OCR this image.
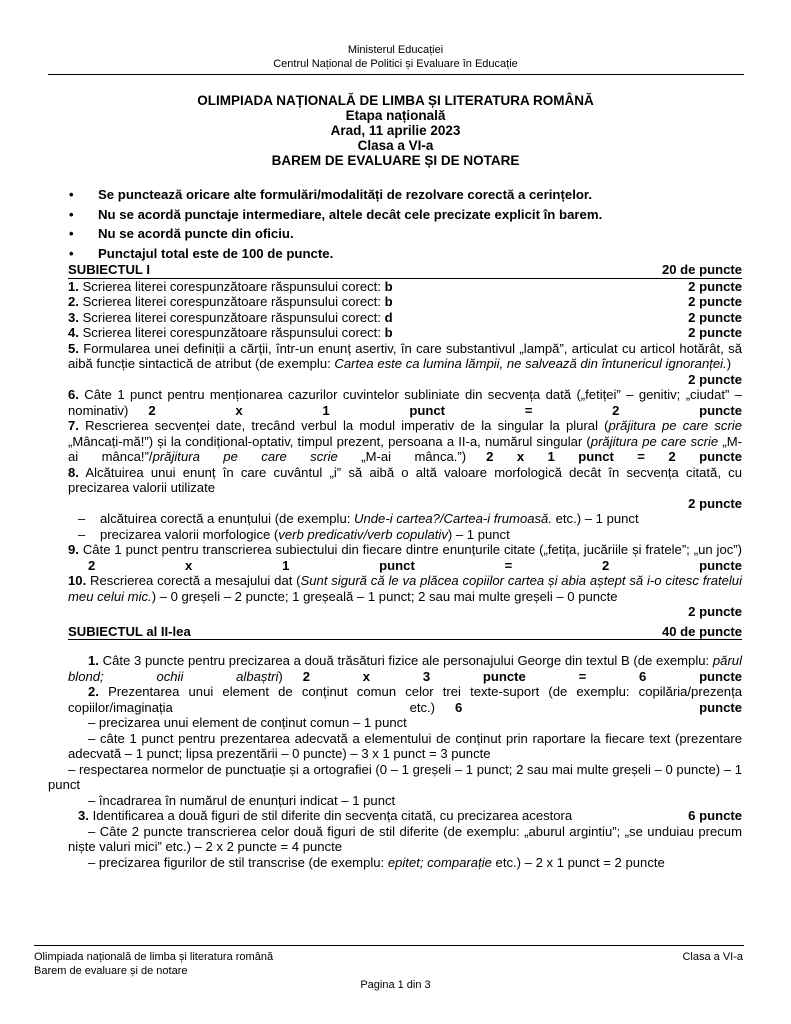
Ministerul Educației
Centrul Național de Politici și Evaluare în Educație
OLIMPIADA NAȚIONALĂ DE LIMBA ȘI LITERATURA ROMÂNĂ
Etapa națională
Arad, 11 aprilie 2023
Clasa a VI-a
BAREM DE EVALUARE ȘI DE NOTARE
• Se punctează oricare alte formulări/modalități de rezolvare corectă a cerințelor.
• Nu se acordă punctaje intermediare, altele decât cele precizate explicit în barem.
• Nu se acordă puncte din oficiu.
• Punctajul total este de 100 de puncte.
SUBIECTUL I	20 de puncte
1. Scrierea literei corespunzătoare răspunsului corect: b	2 puncte
2. Scrierea literei corespunzătoare răspunsului corect: b	2 puncte
3. Scrierea literei corespunzătoare răspunsului corect: d	2 puncte
4. Scrierea literei corespunzătoare răspunsului corect: b	2 puncte
5. Formularea unei definiții a cărții, într-un enunț asertiv, în care substantivul „lampă”, articulat cu articol hotărât, să aibă funcție sintactică de atribut (de exemplu: Cartea este ca lumina lămpii, ne salvează din întunericul ignoranței.)
2 puncte
6. Câte 1 punct pentru menționarea cazurilor cuvintelor subliniate din secvența dată („fetiței” – genitiv; „ciudat” – nominativ) 2 x 1 punct = 2 puncte
7. Rescrierea secvenței date, trecând verbul la modul imperativ de la singular la plural (prăjitura pe care scrie „Mâncați-mă!”) și la condițional-optativ, timpul prezent, persoana a II-a, numărul singular (prăjitura pe care scrie „M-ai mânca!”/prăjitura pe care scrie „M-ai mânca.”) 2 x 1 punct = 2 puncte
8. Alcătuirea unui enunț în care cuvântul „i” să aibă o altă valoare morfologică decât în secvența citată, cu precizarea valorii utilizate
2 puncte
–	alcătuirea corectă a enunțului (de exemplu: Unde-i cartea?/Cartea-i frumoasă. etc.) – 1 punct
–	precizarea valorii morfologice (verb predicativ/verb copulativ) – 1 punct
9. Câte 1 punct pentru transcrierea subiectului din fiecare dintre enunțurile citate („fetița, jucăriile și fratele”; „un joc”)2 x 1 punct = 2 puncte
10. Rescrierea corectă a mesajului dat (Sunt sigură că le va plăcea copiilor cartea și abia aștept să i-o citesc fratelui meu celui mic.) – 0 greșeli – 2 puncte; 1 greșeală – 1 punct; 2 sau mai multe greșeli – 0 puncte
2 puncte
SUBIECTUL al II-lea	40 de puncte
1. Câte 3 puncte pentru precizarea a două trăsături fizice ale personajului George din textul B (de exemplu: părul blond; ochii albaștri) 2 x 3 puncte = 6 puncte
2. Prezentarea unui element de conținut comun celor trei texte-suport (de exemplu: copilăria/prezența copiilor/imaginația etc.) 6 puncte
– precizarea unui element de conținut comun – 1 punct
– câte 1 punct pentru prezentarea adecvată a elementului de conținut prin raportare la fiecare text (prezentare adecvată – 1 punct; lipsa prezentării – 0 puncte) – 3 x 1 punct = 3 puncte
– respectarea normelor de punctuație și a ortografiei (0 – 1 greșeli – 1 punct; 2 sau mai multe greșeli – 0 puncte) – 1 punct
– încadrarea în numărul de enunțuri indicat – 1 punct
3. Identificarea a două figuri de stil diferite din secvența citată, cu precizarea acestora	6 puncte
– Câte 2 puncte transcrierea celor două figuri de stil diferite (de exemplu: „aburul argintiu”; „se unduiau precum niște valuri mici” etc.) – 2 x 2 puncte = 4 puncte
– precizarea figurilor de stil transcrise (de exemplu: epitet; comparație etc.) – 2 x 1 punct = 2 puncte
Olimpiada națională de limba și literatura română
Barem de evaluare și de notare
Clasa a VI-a
Pagina 1 din 3
